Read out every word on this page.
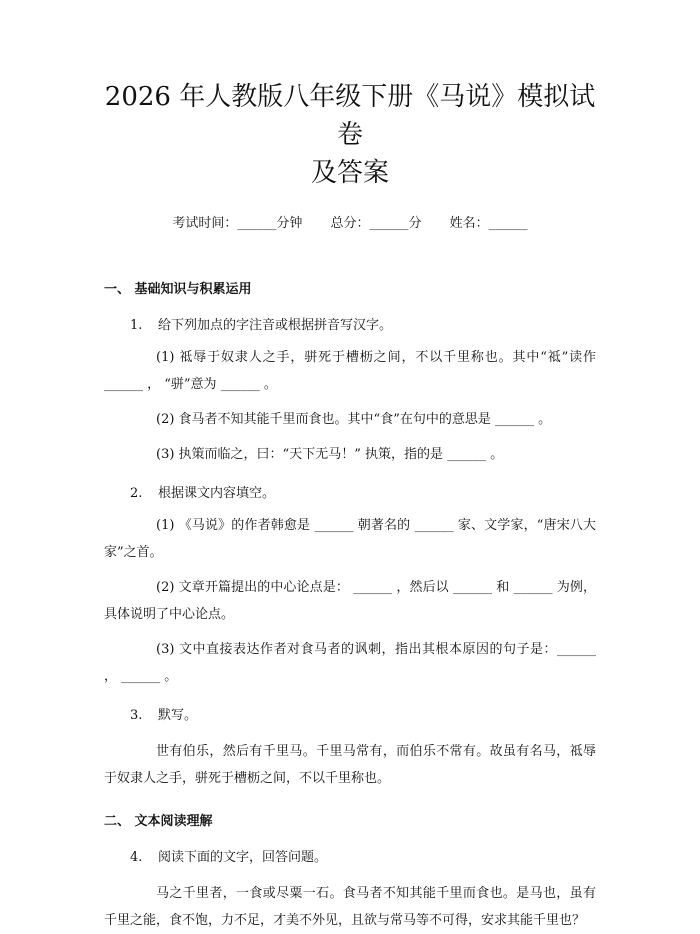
2026 年人教版八年级下册《马说》模拟试卷
及答案
考试时间：______分钟 总分：______分 姓名：______
一、 基础知识与积累运用
1. 给下列加点的字注音或根据拼音写汉字。
(1) 祗辱于奴隶人之手，骈死于槽枥之间，不以千里称也。其中“祗”读作 ______ ， “骈”意为 ______ 。
(2) 食马者不知其能千里而食也。其中“食”在句中的意思是 ______ 。
(3) 执策而临之，曰：“天下无马！” 执策，指的是 ______ 。
2. 根据课文内容填空。
(1) 《马说》的作者韩愈是 ______ 朝著名的 ______ 家、文学家，“唐宋八大家”之首。
(2) 文章开篇提出的中心论点是： ______ ，然后以 ______ 和 ______ 为例，具体说明了中心论点。
(3) 文中直接表达作者对食马者的讽刺，指出其根本原因的句子是：______ ， ______ 。
3. 默写。
世有伯乐，然后有千里马。千里马常有，而伯乐不常有。故虽有名马，祗辱于奴隶人之手，骈死于槽枥之间，不以千里称也。
二、 文本阅读理解
4. 阅读下面的文字，回答问题。
马之千里者，一食或尽粟一石。食马者不知其能千里而食也。是马也，虽有千里之能，食不饱，力不足，才美不外见，且欲与常马等不可得，安求其能千里也？
